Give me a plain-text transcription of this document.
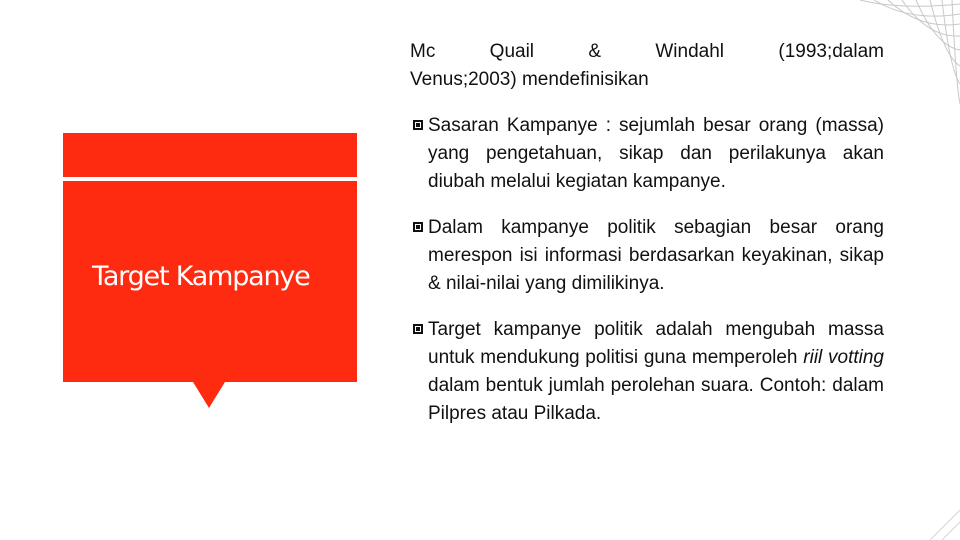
Target Kampanye

Mc Quail & Windahl (1993;dalam
Venus;2003) mendefinisikan

Sasaran Kampanye : sejumlah besar orang (massa) yang pengetahuan, sikap dan perilakunya akan diubah melalui kegiatan kampanye.
Dalam kampanye politik sebagian besar orang merespon isi informasi berdasarkan keyakinan, sikap & nilai-nilai yang dimilikinya.
Target kampanye politik adalah mengubah massa untuk mendukung politisi guna memperoleh riil votting dalam bentuk jumlah perolehan suara. Contoh: dalam Pilpres atau Pilkada.
